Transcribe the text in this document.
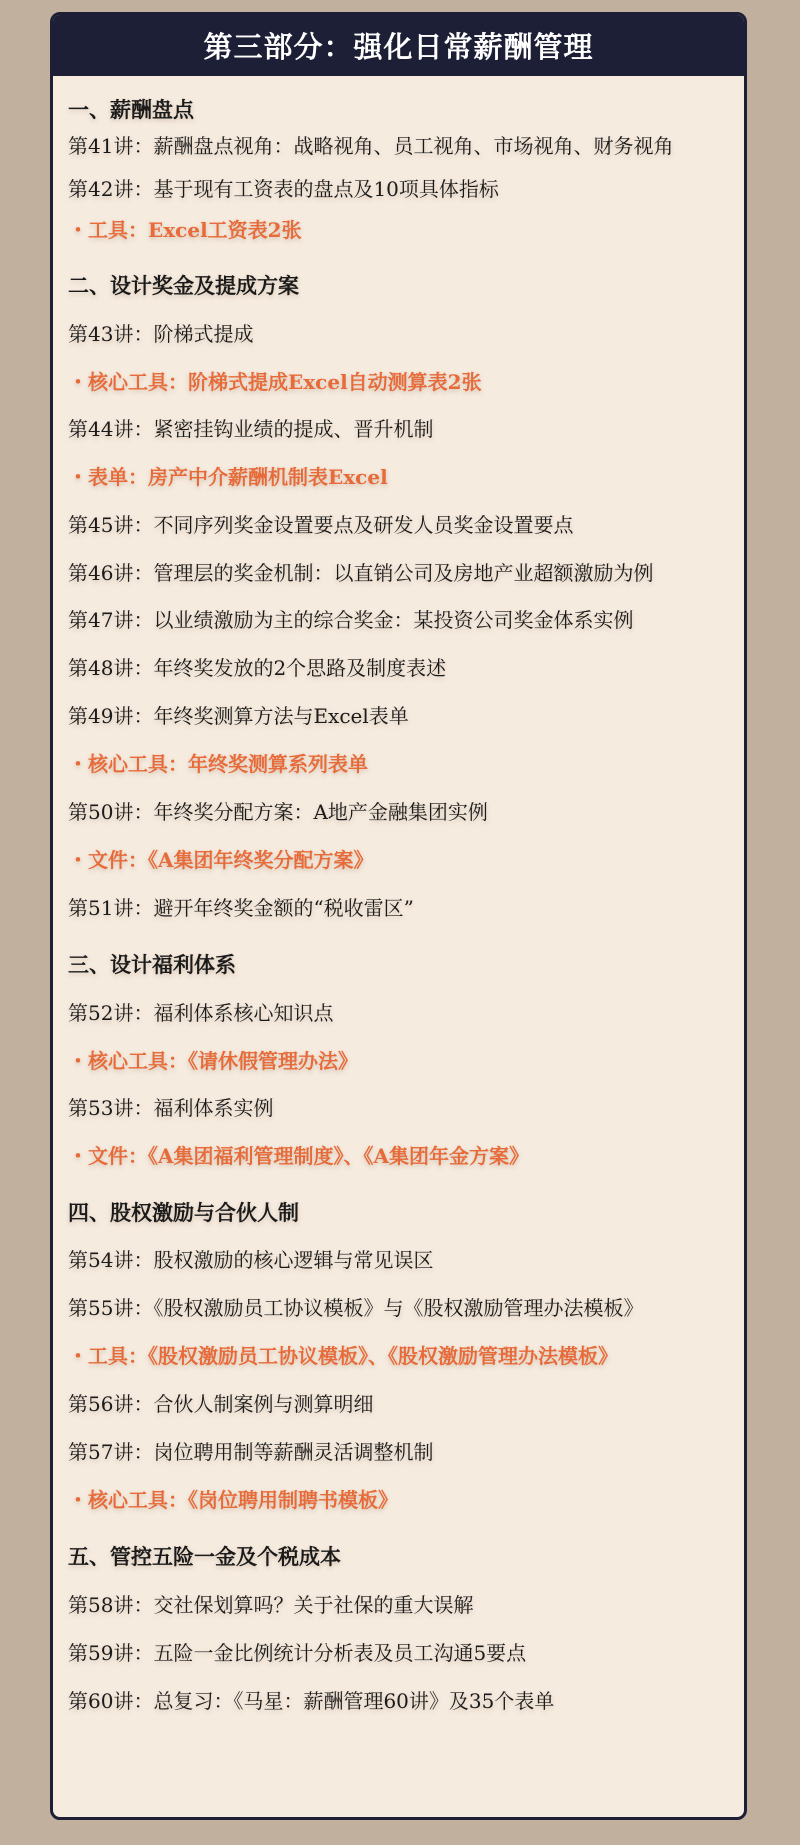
第三部分：强化日常薪酬管理
一、薪酬盘点
第41讲：薪酬盘点视角：战略视角、员工视角、市场视角、财务视角
第42讲：基于现有工资表的盘点及10项具体指标
・工具：Excel工资表2张
二、设计奖金及提成方案
第43讲：阶梯式提成
・核心工具：阶梯式提成Excel自动测算表2张
第44讲：紧密挂钩业绩的提成、晋升机制
・表单：房产中介薪酬机制表Excel
第45讲：不同序列奖金设置要点及研发人员奖金设置要点
第46讲：管理层的奖金机制：以直销公司及房地产业超额激励为例
第47讲：以业绩激励为主的综合奖金：某投资公司奖金体系实例
第48讲：年终奖发放的2个思路及制度表述
第49讲：年终奖测算方法与Excel表单
・核心工具：年终奖测算系列表单
第50讲：年终奖分配方案：A地产金融集团实例
・文件：《A集团年终奖分配方案》
第51讲：避开年终奖金额的“税收雷区”
三、设计福利体系
第52讲：福利体系核心知识点
・核心工具：《请休假管理办法》
第53讲：福利体系实例
・文件：《A集团福利管理制度》、《A集团年金方案》
四、股权激励与合伙人制
第54讲：股权激励的核心逻辑与常见误区
第55讲：《股权激励员工协议模板》与《股权激励管理办法模板》
・工具：《股权激励员工协议模板》、《股权激励管理办法模板》
第56讲：合伙人制案例与测算明细
第57讲：岗位聘用制等薪酬灵活调整机制
・核心工具：《岗位聘用制聘书模板》
五、管控五险一金及个税成本
第58讲：交社保划算吗？关于社保的重大误解
第59讲：五险一金比例统计分析表及员工沟通5要点
第60讲：总复习：《马星：薪酬管理60讲》及35个表单
